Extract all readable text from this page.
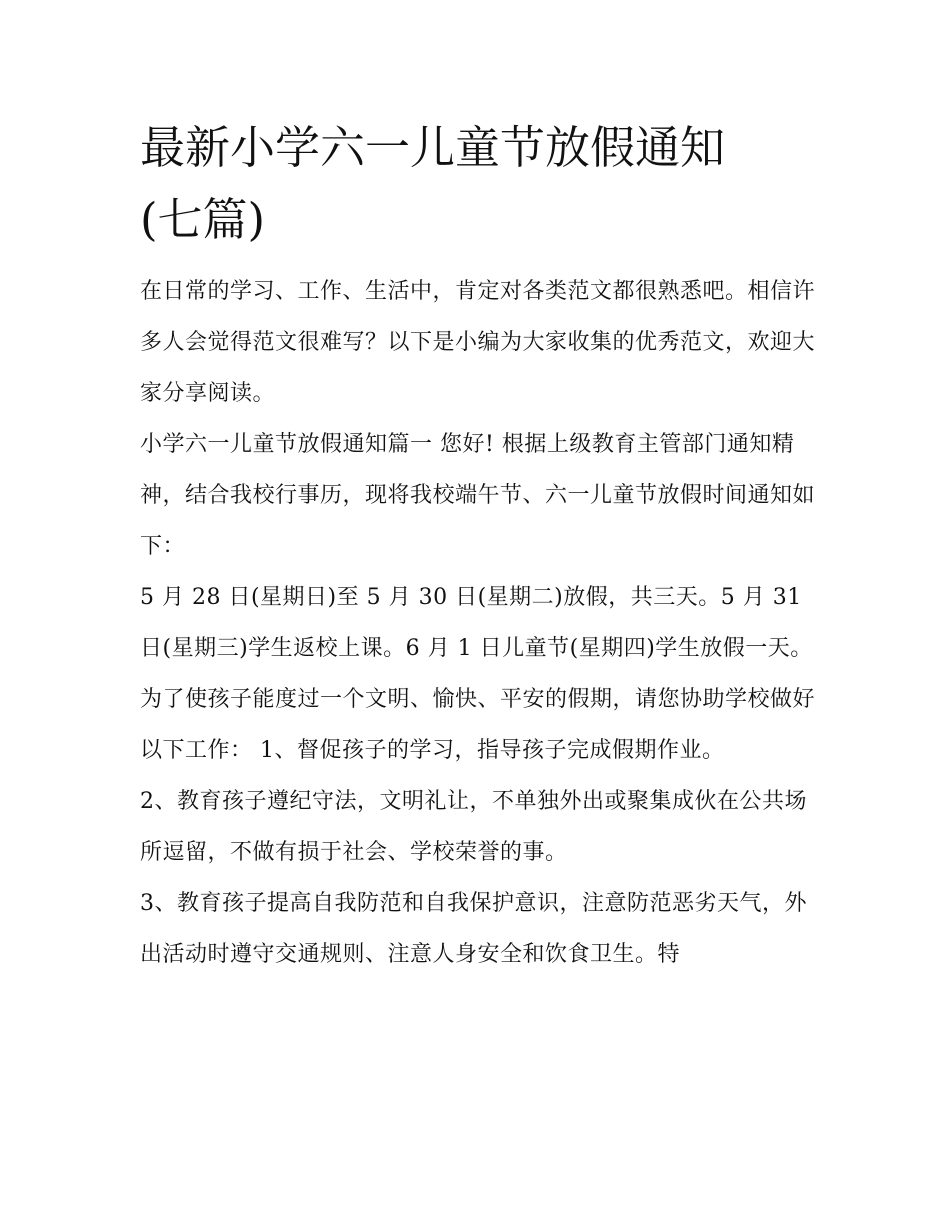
最新小学六一儿童节放假通知
(七篇)

在日常的学习、工作、生活中，肯定对各类范文都很熟悉吧。相信许多人会觉得范文很难写？以下是小编为大家收集的优秀范文，欢迎大家分享阅读。

小学六一儿童节放假通知篇一 您好! 根据上级教育主管部门通知精神，结合我校行事历，现将我校端午节、六一儿童节放假时间通知如下：

5 月 28 日(星期日)至 5 月 30 日(星期二)放假，共三天。5 月 31 日(星期三)学生返校上课。6 月 1 日儿童节(星期四)学生放假一天。

为了使孩子能度过一个文明、愉快、平安的假期，请您协助学校做好以下工作： 1、督促孩子的学习，指导孩子完成假期作业。

2、教育孩子遵纪守法，文明礼让，不单独外出或聚集成伙在公共场所逗留，不做有损于社会、学校荣誉的事。

3、教育孩子提高自我防范和自我保护意识，注意防范恶劣天气，外出活动时遵守交通规则、注意人身安全和饮食卫生。特
